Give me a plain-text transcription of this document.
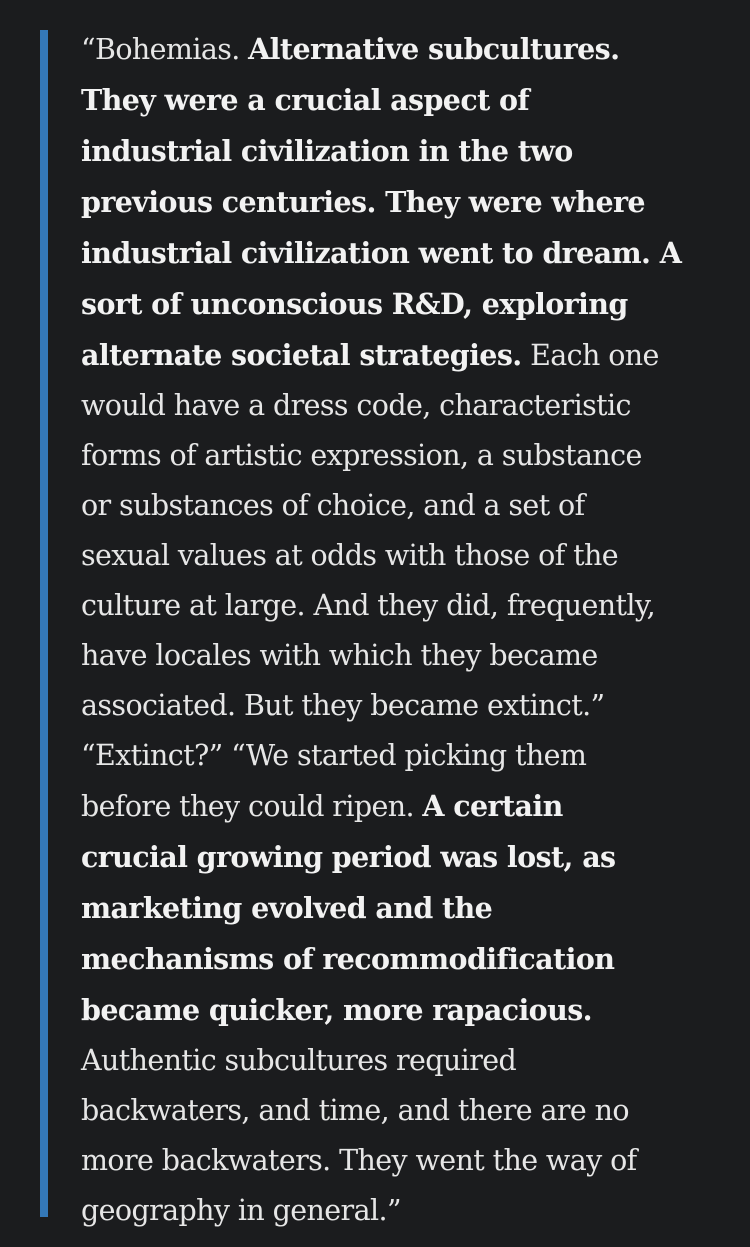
“Bohemias. Alternative subcultures.
They were a crucial aspect of
industrial civilization in the two
previous centuries. They were where
industrial civilization went to dream. A
sort of unconscious R&D, exploring
alternate societal strategies. Each one
would have a dress code, characteristic
forms of artistic expression, a substance
or substances of choice, and a set of
sexual values at odds with those of the
culture at large. And they did, frequently,
have locales with which they became
associated. But they became extinct.”
“Extinct?” “We started picking them
before they could ripen. A certain
crucial growing period was lost, as
marketing evolved and the
mechanisms of recommodification
became quicker, more rapacious.
Authentic subcultures required
backwaters, and time, and there are no
more backwaters. They went the way of
geography in general.”
